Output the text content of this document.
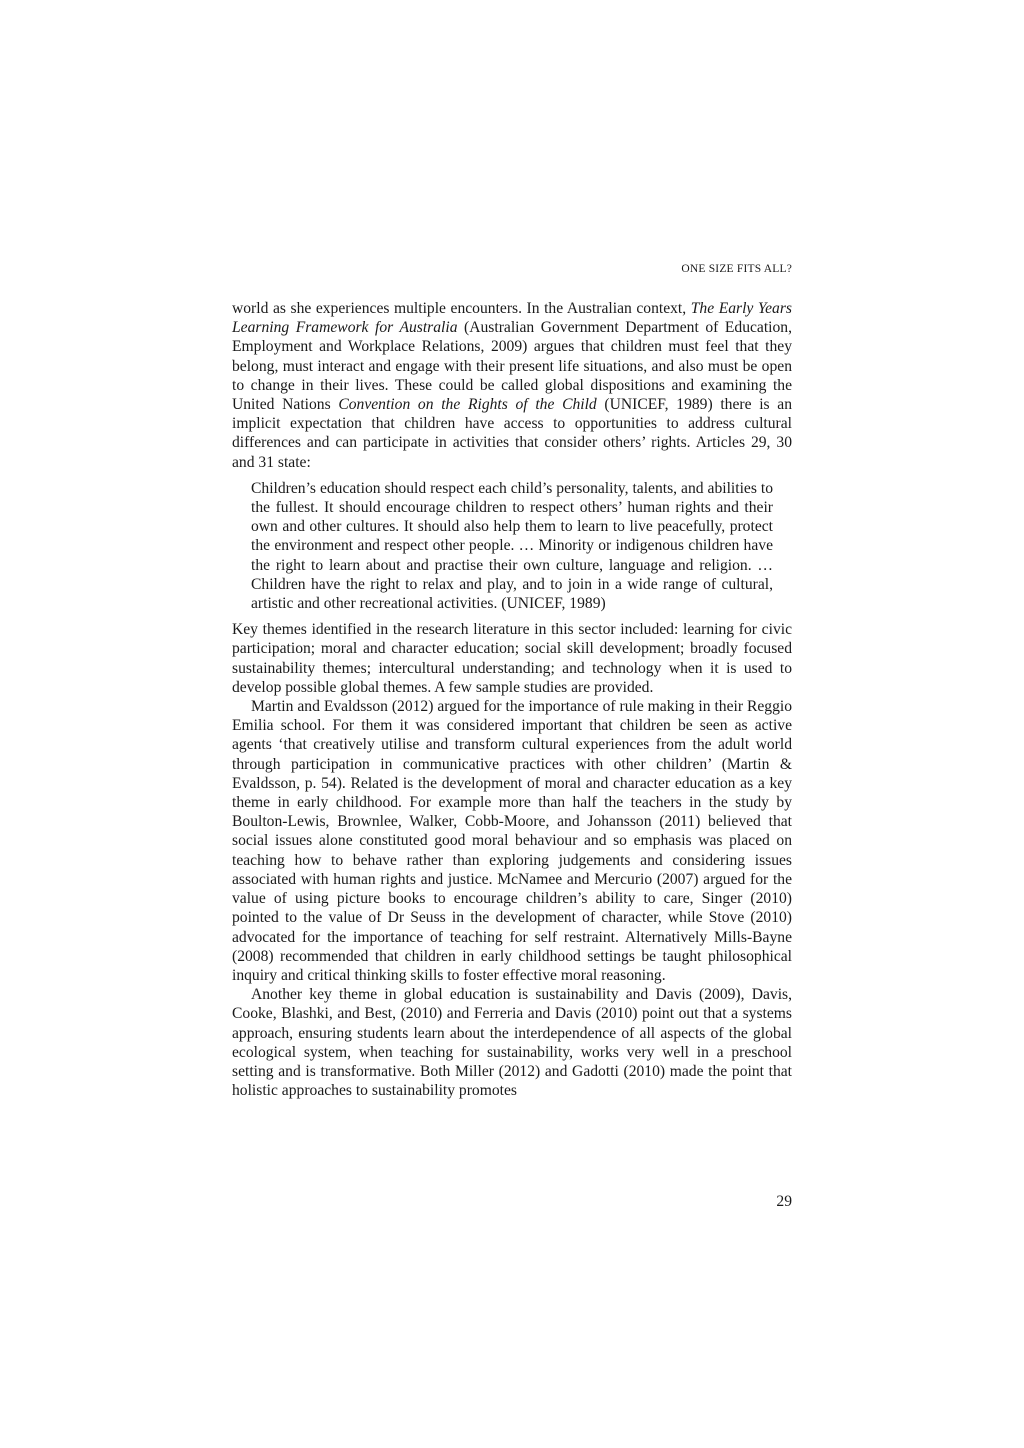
ONE SIZE FITS ALL?

world as she experiences multiple encounters. In the Australian context, The Early Years Learning Framework for Australia (Australian Government Department of Education, Employment and Workplace Relations, 2009) argues that children must feel that they belong, must interact and engage with their present life situations, and also must be open to change in their lives. These could be called global dispositions and examining the United Nations Convention on the Rights of the Child (UNICEF, 1989) there is an implicit expectation that children have access to opportunities to address cultural differences and can participate in activities that consider others’ rights. Articles 29, 30 and 31 state:

Children’s education should respect each child’s personality, talents, and abilities to the fullest. It should encourage children to respect others’ human rights and their own and other cultures. It should also help them to learn to live peacefully, protect the environment and respect other people. … Minority or indigenous children have the right to learn about and practise their own culture, language and religion. … Children have the right to relax and play, and to join in a wide range of cultural, artistic and other recreational activities. (UNICEF, 1989)

Key themes identified in the research literature in this sector included: learning for civic participation; moral and character education; social skill development; broadly focused sustainability themes; intercultural understanding; and technology when it is used to develop possible global themes. A few sample studies are provided.

Martin and Evaldsson (2012) argued for the importance of rule making in their Reggio Emilia school. For them it was considered important that children be seen as active agents ‘that creatively utilise and transform cultural experiences from the adult world through participation in communicative practices with other children’ (Martin & Evaldsson, p. 54). Related is the development of moral and character education as a key theme in early childhood. For example more than half the teachers in the study by Boulton-Lewis, Brownlee, Walker, Cobb-Moore, and Johansson (2011) believed that social issues alone constituted good moral behaviour and so emphasis was placed on teaching how to behave rather than exploring judgements and considering issues associated with human rights and justice. McNamee and Mercurio (2007) argued for the value of using picture books to encourage children’s ability to care, Singer (2010) pointed to the value of Dr Seuss in the development of character, while Stove (2010) advocated for the importance of teaching for self restraint. Alternatively Mills-Bayne (2008) recommended that children in early childhood settings be taught philosophical inquiry and critical thinking skills to foster effective moral reasoning.

Another key theme in global education is sustainability and Davis (2009), Davis, Cooke, Blashki, and Best, (2010) and Ferreria and Davis (2010) point out that a systems approach, ensuring students learn about the interdependence of all aspects of the global ecological system, when teaching for sustainability, works very well in a preschool setting and is transformative. Both Miller (2012) and Gadotti (2010) made the point that holistic approaches to sustainability promotes

29
